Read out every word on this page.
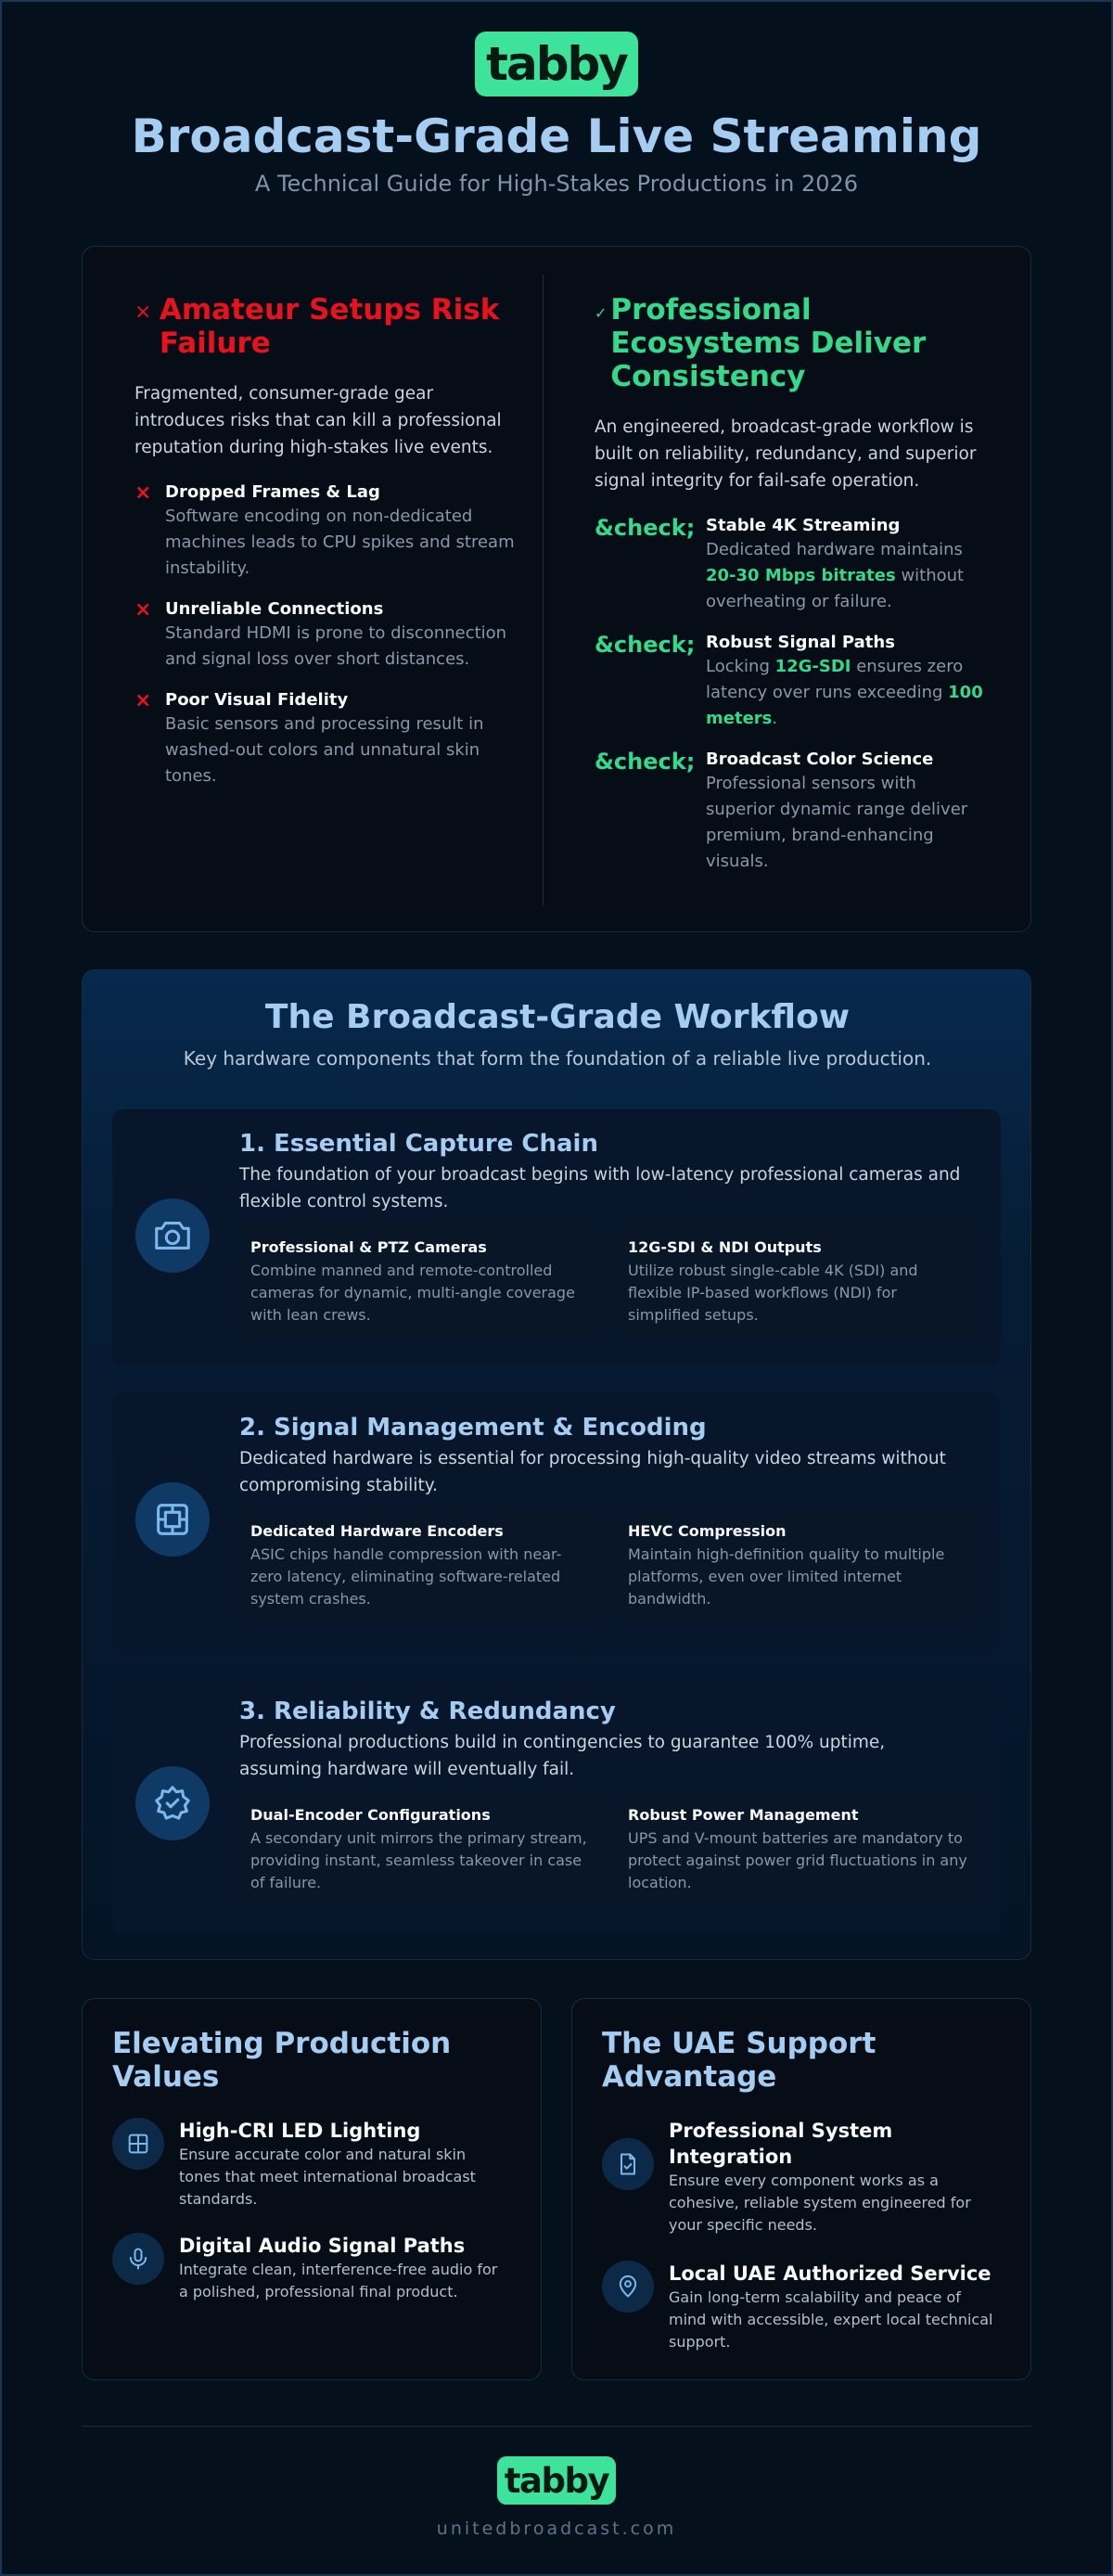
tabby
Broadcast-Grade Live Streaming
A Technical Guide for High-Stakes Productions in 2026
× Amateur Setups Risk Failure

Fragmented, consumer-grade gear introduces risks that can kill a professional reputation during high-stakes live events.

× Dropped Frames & Lag

Software encoding on non-dedicated machines leads to CPU spikes and stream instability.

× Unreliable Connections

Standard HDMI is prone to disconnection and signal loss over short distances.

× Poor Visual Fidelity

Basic sensors and processing result in washed-out colors and unnatural skin tones.

✓ Professional Ecosystems Deliver Consistency

An engineered, broadcast-grade workflow is built on reliability, redundancy, and superior signal integrity for fail-safe operation.

&check; Stable 4K Streaming

Dedicated hardware maintains 20-30 Mbps bitrates without overheating or failure.

&check; Robust Signal Paths

Locking 12G-SDI ensures zero latency over runs exceeding 100 meters.

&check; Broadcast Color Science

Professional sensors with superior dynamic range deliver premium, brand-enhancing visuals.

The Broadcast-Grade Workflow
Key hardware components that form the foundation of a reliable live production.
1. Essential Capture Chain

The foundation of your broadcast begins with low-latency professional cameras and flexible control systems.

Professional & PTZ Cameras

Combine manned and remote-controlled cameras for dynamic, multi-angle coverage with lean crews.

12G-SDI & NDI Outputs

Utilize robust single-cable 4K (SDI) and flexible IP-based workflows (NDI) for simplified setups.

2. Signal Management & Encoding

Dedicated hardware is essential for processing high-quality video streams without compromising stability.

Dedicated Hardware Encoders

ASIC chips handle compression with near-zero latency, eliminating software-related system crashes.

HEVC Compression

Maintain high-definition quality to multiple platforms, even over limited internet bandwidth.

3. Reliability & Redundancy

Professional productions build in contingencies to guarantee 100% uptime, assuming hardware will eventually fail.

Dual-Encoder Configurations

A secondary unit mirrors the primary stream, providing instant, seamless takeover in case of failure.

Robust Power Management

UPS and V-mount batteries are mandatory to protect against power grid fluctuations in any location.

Elevating Production Values
High-CRI LED Lighting

Ensure accurate color and natural skin tones that meet international broadcast standards.

Digital Audio Signal Paths

Integrate clean, interference-free audio for a polished, professional final product.

The UAE Support Advantage
Professional System Integration

Ensure every component works as a cohesive, reliable system engineered for your specific needs.

Local UAE Authorized Service

Gain long-term scalability and peace of mind with accessible, expert local technical support.

tabby
unitedbroadcast.com
